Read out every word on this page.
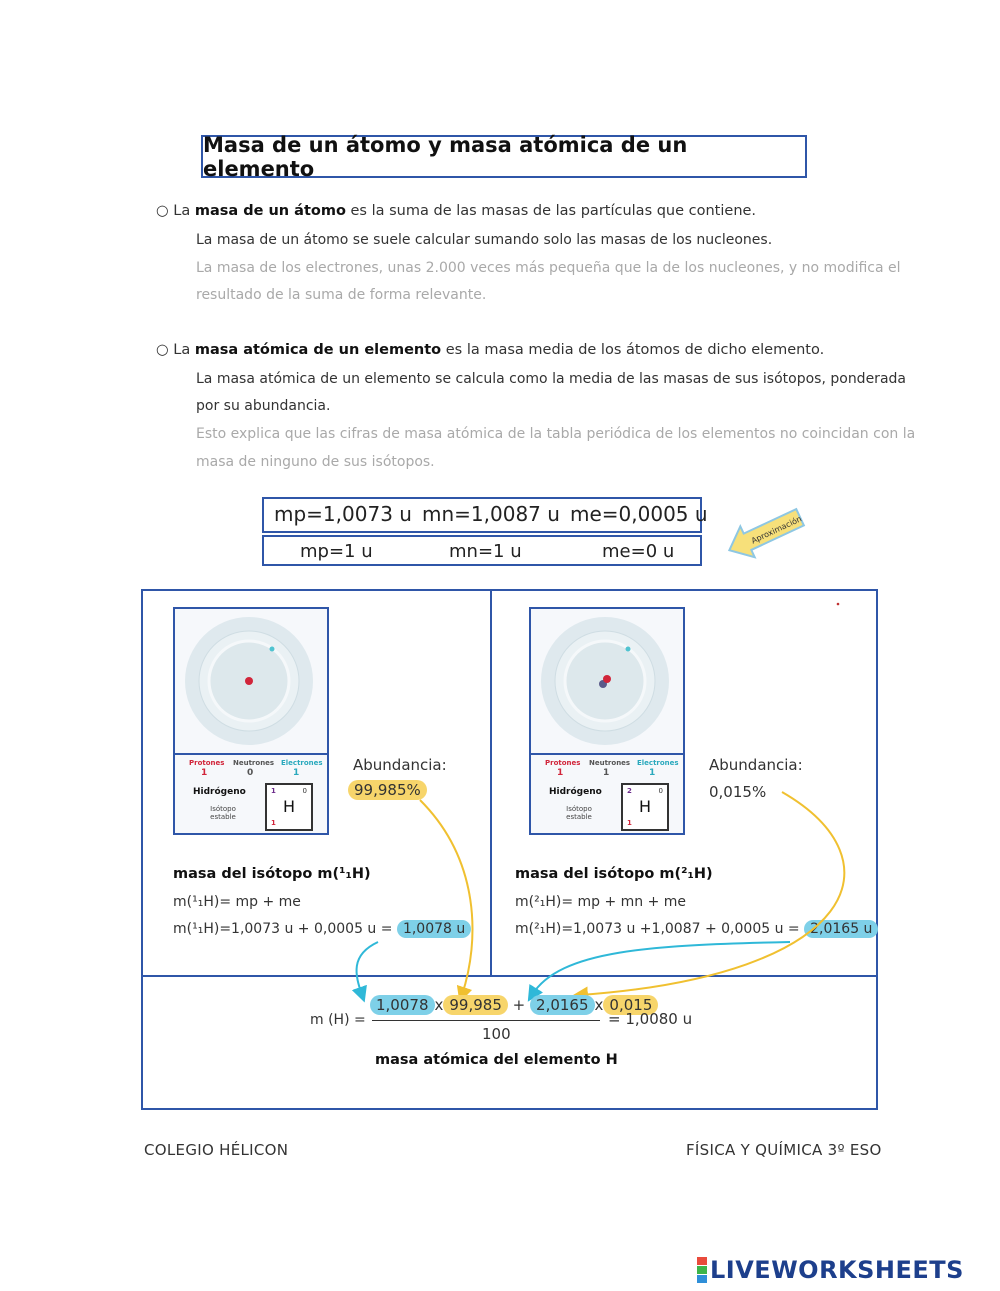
Masa de un átomo y masa atómica de un elemento
○ La masa de un átomo es la suma de las masas de las partículas que contiene.
La masa de un átomo se suele calcular sumando solo las masas de los nucleones.
La masa de los electrones, unas 2.000 veces más pequeña que la de los nucleones, y no modifica el
resultado de la suma de forma relevante.
○ La masa atómica de un elemento es la masa media de los átomos de dicho elemento.
La masa atómica de un elemento se calcula como la media de las masas de sus isótopos, ponderada
por su abundancia.
Esto explica que las cifras de masa atómica de la tabla periódica de los elementos no coincidan con la
masa de ninguno de sus isótopos.
mp=1,0073 u mn=1,0087 u me=0,0005 u
mp=1 u	mn=1 u	me=0 u
Aproximación
Protones Neutrones Electrones
1	0	1
Hidrógeno
Isótopo estable
1	0
H
1
Abundancia:
99,985%
masa del isótopo m(¹₁H)
m(¹₁H)= mp + me
m(¹₁H)=1,0073 u + 0,0005 u = 1,0078 u
Protones Neutrones Electrones
1	1	1
Hidrógeno
Isótopo estable
2	0
H
1
Abundancia:
0,015%
masa del isótopo m(²₁H)
m(²₁H)= mp + mn + me
m(²₁H)=1,0073 u +1,0087 + 0,0005 u = 2,0165 u
m (H) =
1,0078 x 99,985 + 2,0165 x 0,015
100
= 1,0080 u
masa atómica del elemento H
COLEGIO HÉLICON	FÍSICA Y QUÍMICA 3º ESO
LIVEWORKSHEETS
